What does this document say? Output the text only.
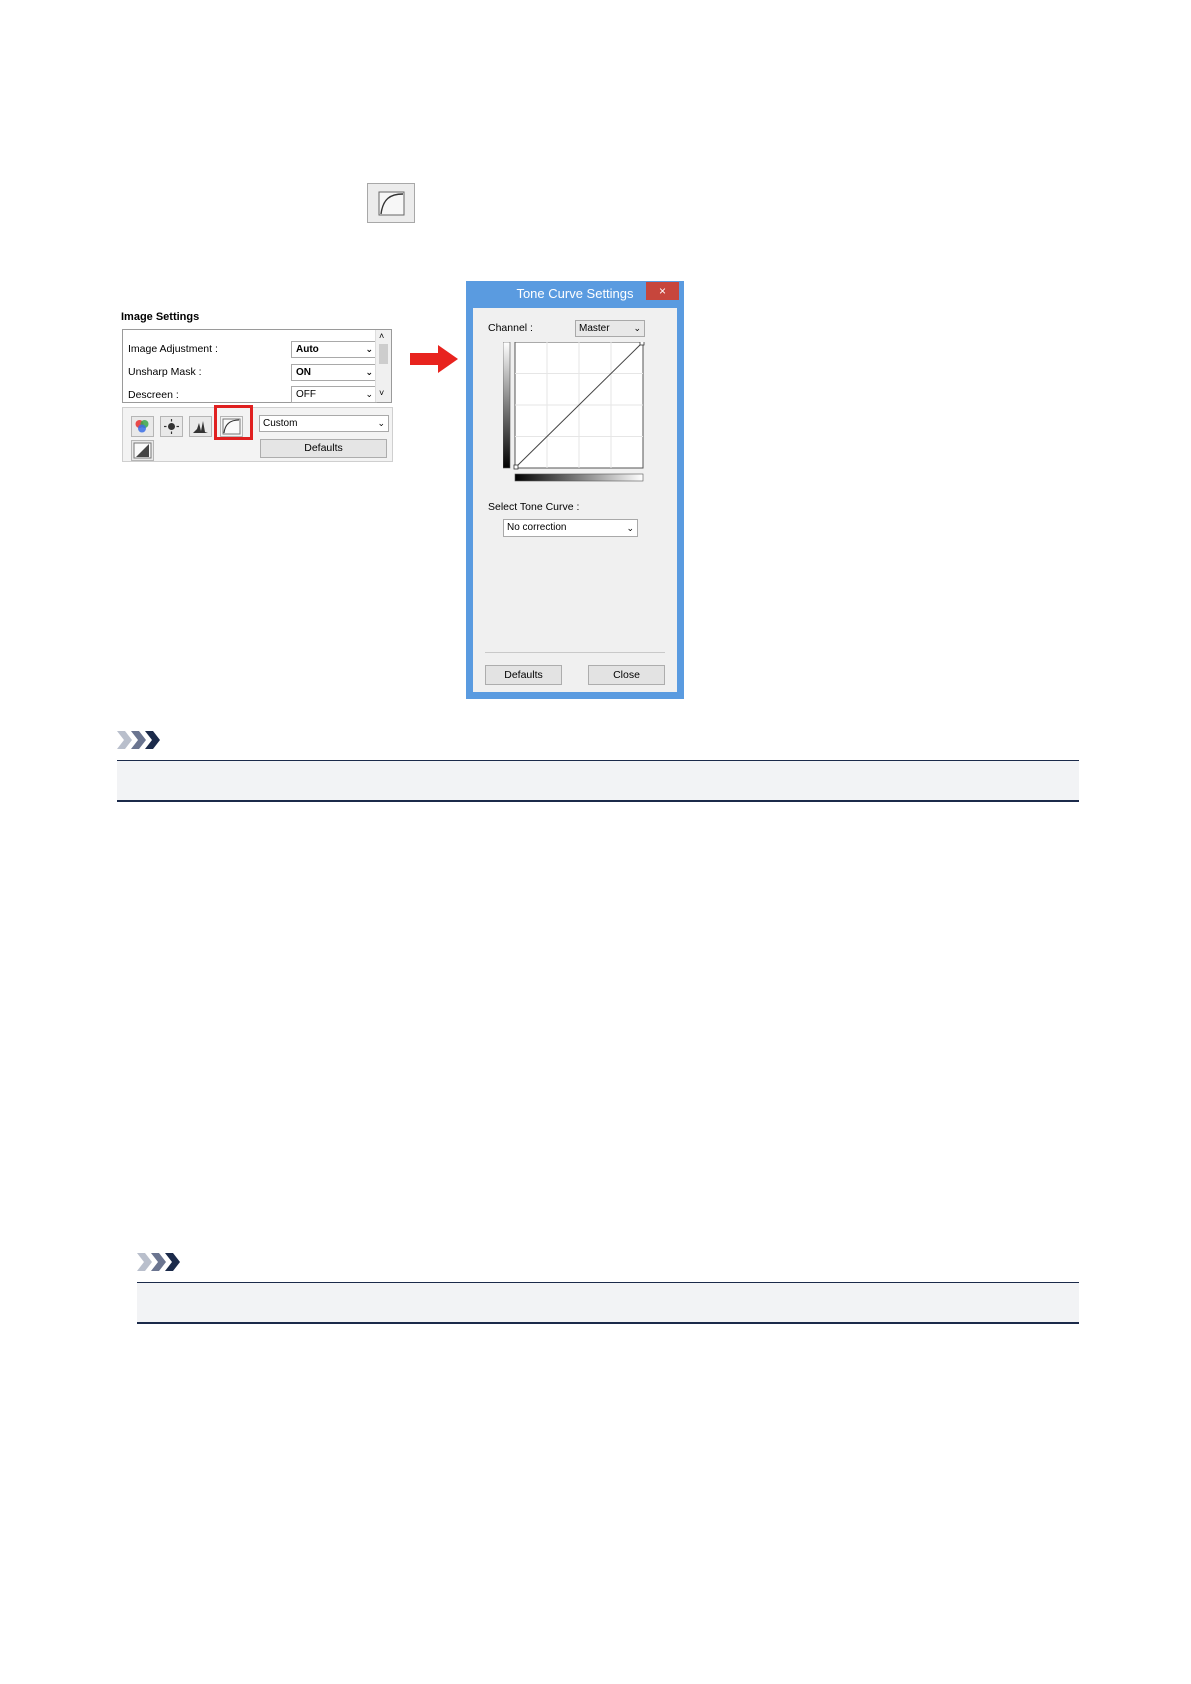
Image Settings
Image Adjustment :	Auto	⌄
Unsharp Mask :	ON	⌄
Descreen :	OFF	⌄
˄
˅
Custom	⌄
Defaults
Tone Curve Settings	×
Channel :	Master	⌄
Select Tone Curve :
No correction	⌄
Defaults	Close
